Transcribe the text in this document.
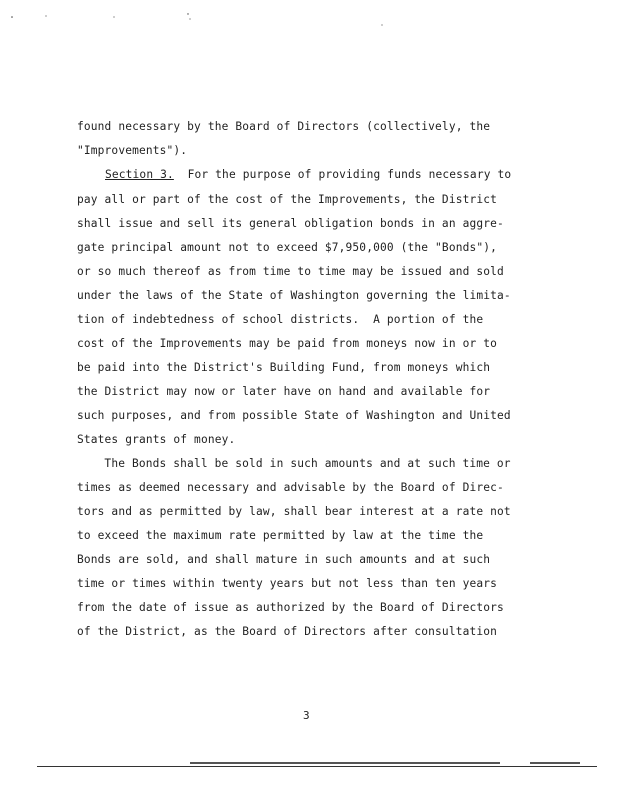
found necessary by the Board of Directors (collectively, the
"Improvements").
Section 3.  For the purpose of providing funds necessary to
pay all or part of the cost of the Improvements, the District
shall issue and sell its general obligation bonds in an aggre-
gate principal amount not to exceed $7,950,000 (the "Bonds"),
or so much thereof as from time to time may be issued and sold
under the laws of the State of Washington governing the limita-
tion of indebtedness of school districts.  A portion of the
cost of the Improvements may be paid from moneys now in or to
be paid into the District's Building Fund, from moneys which
the District may now or later have on hand and available for
such purposes, and from possible State of Washington and United
States grants of money.
The Bonds shall be sold in such amounts and at such time or
times as deemed necessary and advisable by the Board of Direc-
tors and as permitted by law, shall bear interest at a rate not
to exceed the maximum rate permitted by law at the time the
Bonds are sold, and shall mature in such amounts and at such
time or times within twenty years but not less than ten years
from the date of issue as authorized by the Board of Directors
of the District, as the Board of Directors after consultation
3
